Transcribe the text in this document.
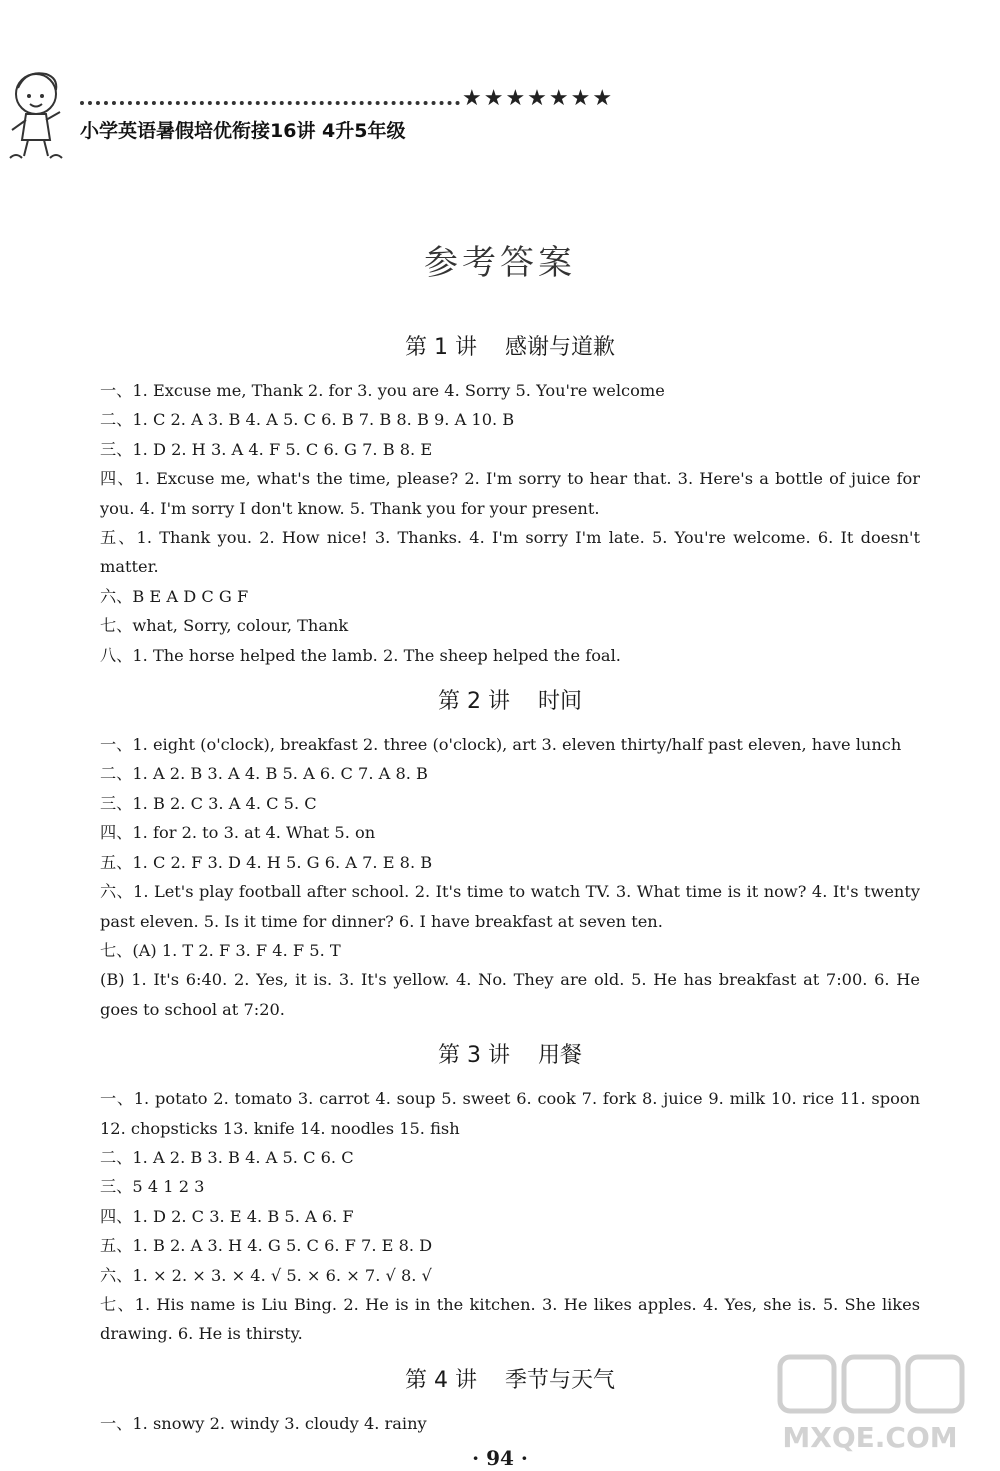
★★★★★★★
小学英语暑假培优衔接16讲 4升5年级
参考答案
第 1 讲 感谢与道歉
一、1. Excuse me, Thank 2. for 3. you are 4. Sorry 5. You're welcome
二、1. C 2. A 3. B 4. A 5. C 6. B 7. B 8. B 9. A 10. B
三、1. D 2. H 3. A 4. F 5. C 6. G 7. B 8. E
四、1. Excuse me, what's the time, please? 2. I'm sorry to hear that. 3. Here's a bottle of juice for you. 4. I'm sorry I don't know. 5. Thank you for your present.
五、1. Thank you. 2. How nice! 3. Thanks. 4. I'm sorry I'm late. 5. You're welcome. 6. It doesn't matter.
六、B E A D C G F
七、what, Sorry, colour, Thank
八、1. The horse helped the lamb. 2. The sheep helped the foal.
第 2 讲 时间
一、1. eight (o'clock), breakfast 2. three (o'clock), art 3. eleven thirty/half past eleven, have lunch
二、1. A 2. B 3. A 4. B 5. A 6. C 7. A 8. B
三、1. B 2. C 3. A 4. C 5. C
四、1. for 2. to 3. at 4. What 5. on
五、1. C 2. F 3. D 4. H 5. G 6. A 7. E 8. B
六、1. Let's play football after school. 2. It's time to watch TV. 3. What time is it now? 4. It's twenty past eleven. 5. Is it time for dinner? 6. I have breakfast at seven ten.
七、(A) 1. T 2. F 3. F 4. F 5. T
(B) 1. It's 6:40. 2. Yes, it is. 3. It's yellow. 4. No. They are old. 5. He has breakfast at 7:00. 6. He goes to school at 7:20.
第 3 讲 用餐
一、1. potato 2. tomato 3. carrot 4. soup 5. sweet 6. cook 7. fork 8. juice 9. milk 10. rice 11. spoon 12. chopsticks 13. knife 14. noodles 15. fish
二、1. A 2. B 3. B 4. A 5. C 6. C
三、5 4 1 2 3
四、1. D 2. C 3. E 4. B 5. A 6. F
五、1. B 2. A 3. H 4. G 5. C 6. F 7. E 8. D
六、1. × 2. × 3. × 4. √ 5. × 6. × 7. √ 8. √
七、1. His name is Liu Bing. 2. He is in the kitchen. 3. He likes apples. 4. Yes, she is. 5. She likes drawing. 6. He is thirsty.
第 4 讲 季节与天气
一、1. snowy 2. windy 3. cloudy 4. rainy
· 94 ·
MXQE.COM
